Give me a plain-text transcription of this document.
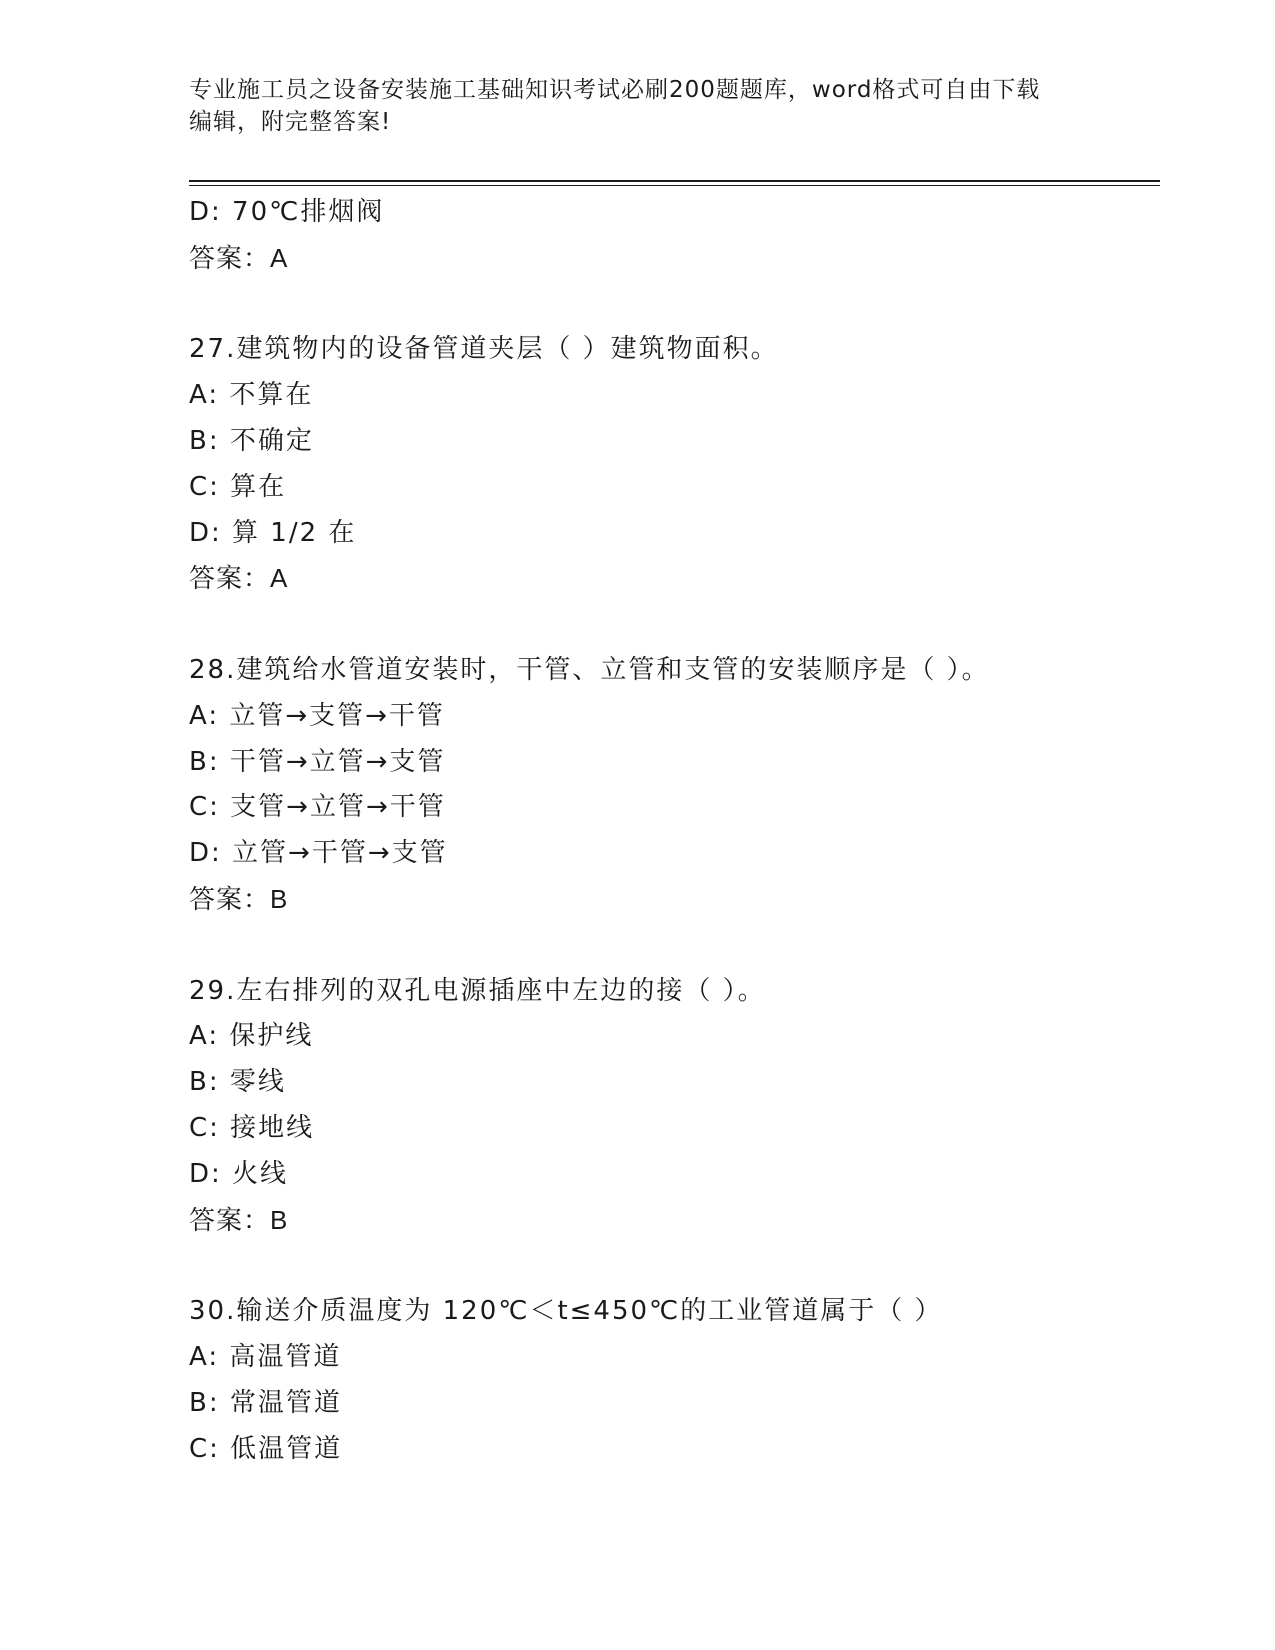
专业施工员之设备安装施工基础知识考试必刷200题题库，word格式可自由下载
编辑，附完整答案!
D: 70℃排烟阀
答案：A
27.建筑物内的设备管道夹层（ ）建筑物面积。
A: 不算在
B: 不确定
C: 算在
D: 算 1/2 在
答案：A
28.建筑给水管道安装时，干管、立管和支管的安装顺序是（ ）。
A: 立管→支管→干管
B: 干管→立管→支管
C: 支管→立管→干管
D: 立管→干管→支管
答案：B
29.左右排列的双孔电源插座中左边的接（ ）。
A: 保护线
B: 零线
C: 接地线
D: 火线
答案：B
30.输送介质温度为 120℃＜t≤450℃的工业管道属于（ ）
A: 高温管道
B: 常温管道
C: 低温管道
